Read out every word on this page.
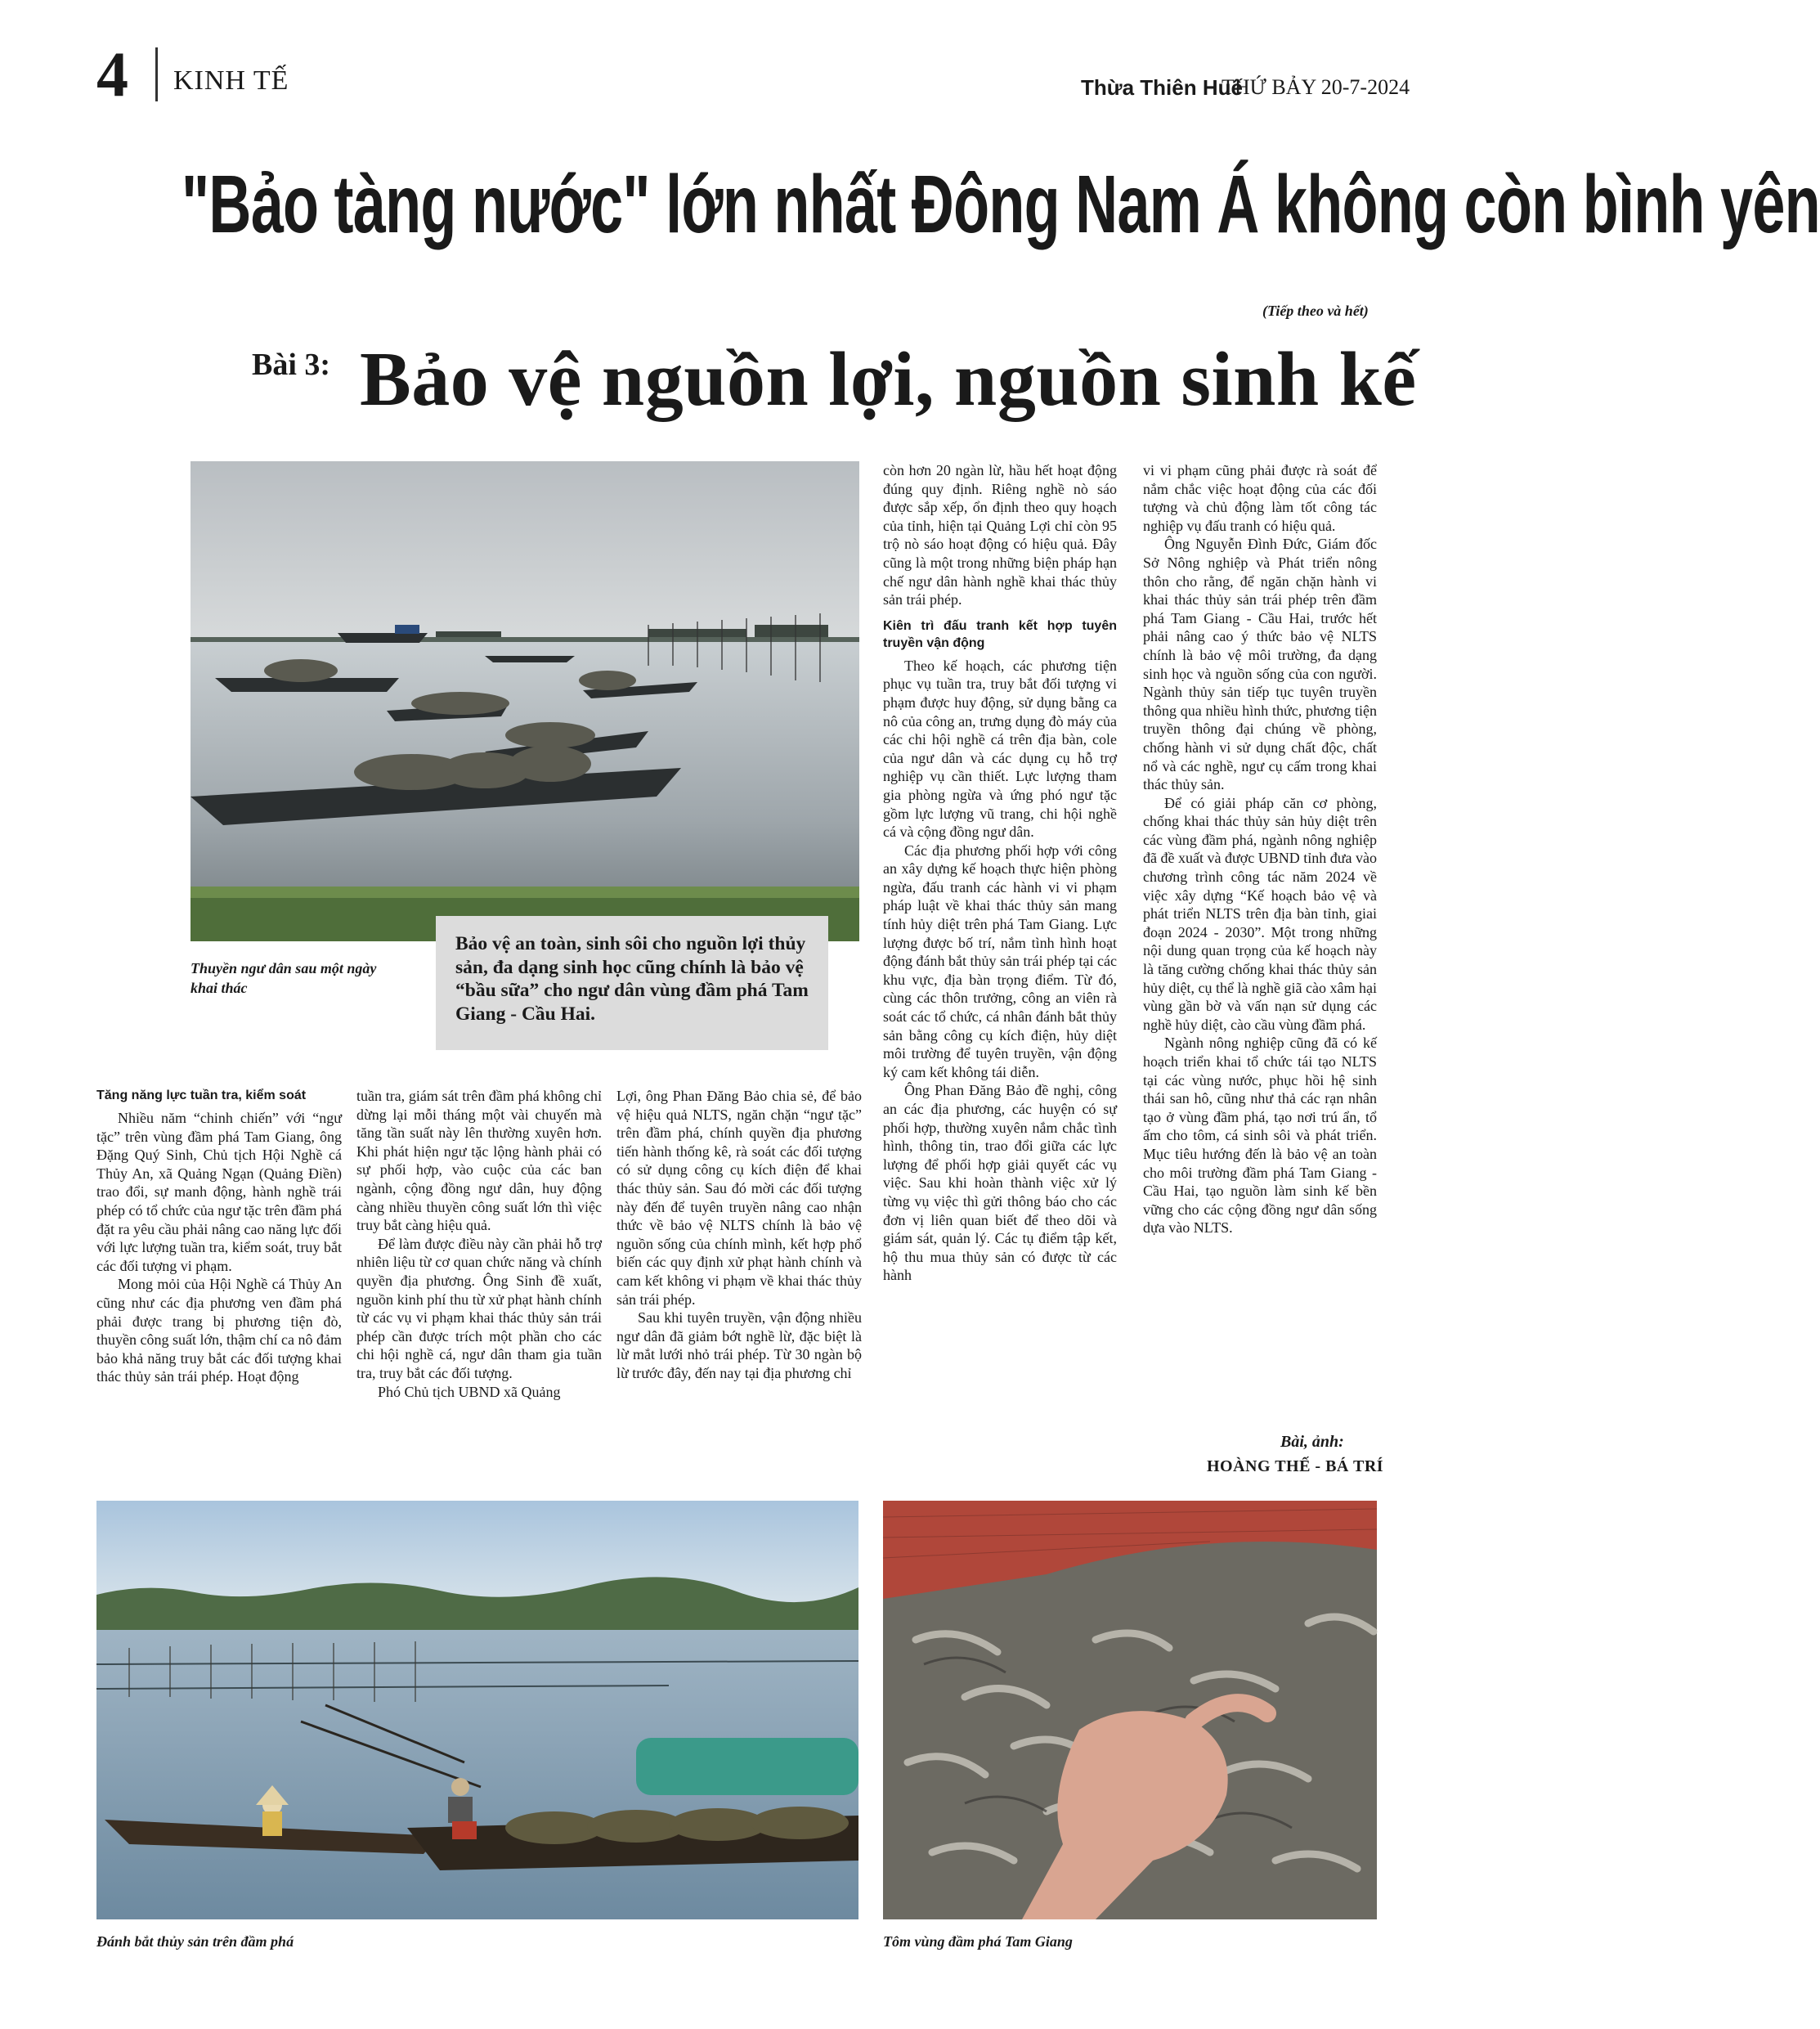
4 KINH TẾ	Thừa Thiên Huế
THỨ BẢY 20-7-2024
"Bảo tàng nước" lớn nhất Đông Nam Á không còn bình yên
(Tiếp theo và hết)
Bài 3: Bảo vệ nguồn lợi, nguồn sinh kế
Thuyền ngư dân sau một ngày khai thác

Bảo vệ an toàn, sinh sôi cho nguồn lợi thủy sản, đa dạng sinh học cũng chính là bảo vệ “bầu sữa” cho ngư dân vùng đầm phá Tam Giang - Cầu Hai.

Tăng năng lực tuần tra, kiểm soát

Nhiều năm “chinh chiến” với “ngư tặc” trên vùng đầm phá Tam Giang, ông Đặng Quý Sinh, Chủ tịch Hội Nghề cá Thủy An, xã Quảng Ngạn (Quảng Điền) trao đổi, sự manh động, hành nghề trái phép có tổ chức của ngư tặc trên đầm phá đặt ra yêu cầu phải nâng cao năng lực đối với lực lượng tuần tra, kiểm soát, truy bắt các đối tượng vi phạm.

Mong mỏi của Hội Nghề cá Thủy An cũng như các địa phương ven đầm phá phải được trang bị phương tiện đò, thuyền công suất lớn, thậm chí ca nô đảm bảo khả năng truy bắt các đối tượng khai thác thủy sản trái phép. Hoạt động

tuần tra, giám sát trên đầm phá không chỉ dừng lại mỗi tháng một vài chuyến mà tăng tần suất này lên thường xuyên hơn. Khi phát hiện ngư tặc lộng hành phải có sự phối hợp, vào cuộc của các ban ngành, cộng đồng ngư dân, huy động càng nhiều thuyền công suất lớn thì việc truy bắt càng hiệu quả.

Để làm được điều này cần phải hỗ trợ nhiên liệu từ cơ quan chức năng và chính quyền địa phương. Ông Sinh đề xuất, nguồn kinh phí thu từ xử phạt hành chính từ các vụ vi phạm khai thác thủy sản trái phép cần được trích một phần cho các chi hội nghề cá, ngư dân tham gia tuần tra, truy bắt các đối tượng.

Phó Chủ tịch UBND xã Quảng

Lợi, ông Phan Đăng Bảo chia sẻ, để bảo vệ hiệu quả NLTS, ngăn chặn “ngư tặc” trên đầm phá, chính quyền địa phương tiến hành thống kê, rà soát các đối tượng có sử dụng công cụ kích điện để khai thác thủy sản. Sau đó mời các đối tượng này đến để tuyên truyền nâng cao nhận thức về bảo vệ NLTS chính là bảo vệ nguồn sống của chính mình, kết hợp phổ biến các quy định xử phạt hành chính và cam kết không vi phạm về khai thác thủy sản trái phép.

Sau khi tuyên truyền, vận động nhiều ngư dân đã giảm bớt nghề lừ, đặc biệt là lừ mắt lưới nhỏ trái phép. Từ 30 ngàn bộ lừ trước đây, đến nay tại địa phương chỉ

còn hơn 20 ngàn lừ, hầu hết hoạt động đúng quy định. Riêng nghề nò sáo được sắp xếp, ổn định theo quy hoạch của tỉnh, hiện tại Quảng Lợi chỉ còn 95 trộ nò sáo hoạt động có hiệu quả. Đây cũng là một trong những biện pháp hạn chế ngư dân hành nghề khai thác thủy sản trái phép.

Kiên trì đấu tranh kết hợp tuyên truyền vận động

Theo kế hoạch, các phương tiện phục vụ tuần tra, truy bắt đối tượng vi phạm được huy động, sử dụng bằng ca nô của công an, trưng dụng đò máy của các chi hội nghề cá trên địa bàn, cole của ngư dân và các dụng cụ hỗ trợ nghiệp vụ cần thiết. Lực lượng tham gia phòng ngừa và ứng phó ngư tặc gồm lực lượng vũ trang, chi hội nghề cá và cộng đồng ngư dân.

Các địa phương phối hợp với công an xây dựng kế hoạch thực hiện phòng ngừa, đấu tranh các hành vi vi phạm pháp luật về khai thác thủy sản mang tính hủy diệt trên phá Tam Giang. Lực lượng được bố trí, nắm tình hình hoạt động đánh bắt thủy sản trái phép tại các khu vực, địa bàn trọng điểm. Từ đó, cùng các thôn trưởng, công an viên rà soát các tổ chức, cá nhân đánh bắt thủy sản bằng công cụ kích điện, hủy diệt môi trường để tuyên truyền, vận động ký cam kết không tái diễn.

Ông Phan Đăng Bảo đề nghị, công an các địa phương, các huyện có sự phối hợp, thường xuyên nắm chắc tình hình, thông tin, trao đổi giữa các lực lượng để phối hợp giải quyết các vụ việc. Sau khi hoàn thành việc xử lý từng vụ việc thì gửi thông báo cho các đơn vị liên quan biết để theo dõi và giám sát, quản lý. Các tụ điểm tập kết, hộ thu mua thủy sản có được từ các hành

vi vi phạm cũng phải được rà soát để nắm chắc việc hoạt động của các đối tượng và chủ động làm tốt công tác nghiệp vụ đấu tranh có hiệu quả.

Ông Nguyễn Đình Đức, Giám đốc Sở Nông nghiệp và Phát triển nông thôn cho rằng, để ngăn chặn hành vi khai thác thủy sản trái phép trên đầm phá Tam Giang - Cầu Hai, trước hết phải nâng cao ý thức bảo vệ NLTS chính là bảo vệ môi trường, đa dạng sinh học và nguồn sống của con người. Ngành thủy sản tiếp tục tuyên truyền thông qua nhiều hình thức, phương tiện truyền thông đại chúng về phòng, chống hành vi sử dụng chất độc, chất nổ và các nghề, ngư cụ cấm trong khai thác thủy sản.

Để có giải pháp căn cơ phòng, chống khai thác thủy sản hủy diệt trên các vùng đầm phá, ngành nông nghiệp đã đề xuất và được UBND tỉnh đưa vào chương trình công tác năm 2024 về việc xây dựng “Kế hoạch bảo vệ và phát triển NLTS trên địa bàn tỉnh, giai đoạn 2024 - 2030”. Một trong những nội dung quan trọng của kế hoạch này là tăng cường chống khai thác thủy sản hủy diệt, cụ thể là nghề giã cào xâm hại vùng gần bờ và vấn nạn sử dụng các nghề hủy diệt, cào cầu vùng đầm phá.

Ngành nông nghiệp cũng đã có kế hoạch triển khai tổ chức tái tạo NLTS tại các vùng nước, phục hồi hệ sinh thái san hô, cũng như thả các rạn nhân tạo ở vùng đầm phá, tạo nơi trú ẩn, tổ ấm cho tôm, cá sinh sôi và phát triển. Mục tiêu hướng đến là bảo vệ an toàn cho môi trường đầm phá Tam Giang - Cầu Hai, tạo nguồn làm sinh kế bền vững cho các cộng đồng ngư dân sống dựa vào NLTS.

Bài, ảnh:
HOÀNG THẾ - BÁ TRÍ
Đánh bắt thủy sản trên đầm phá	Tôm vùng đầm phá Tam Giang
